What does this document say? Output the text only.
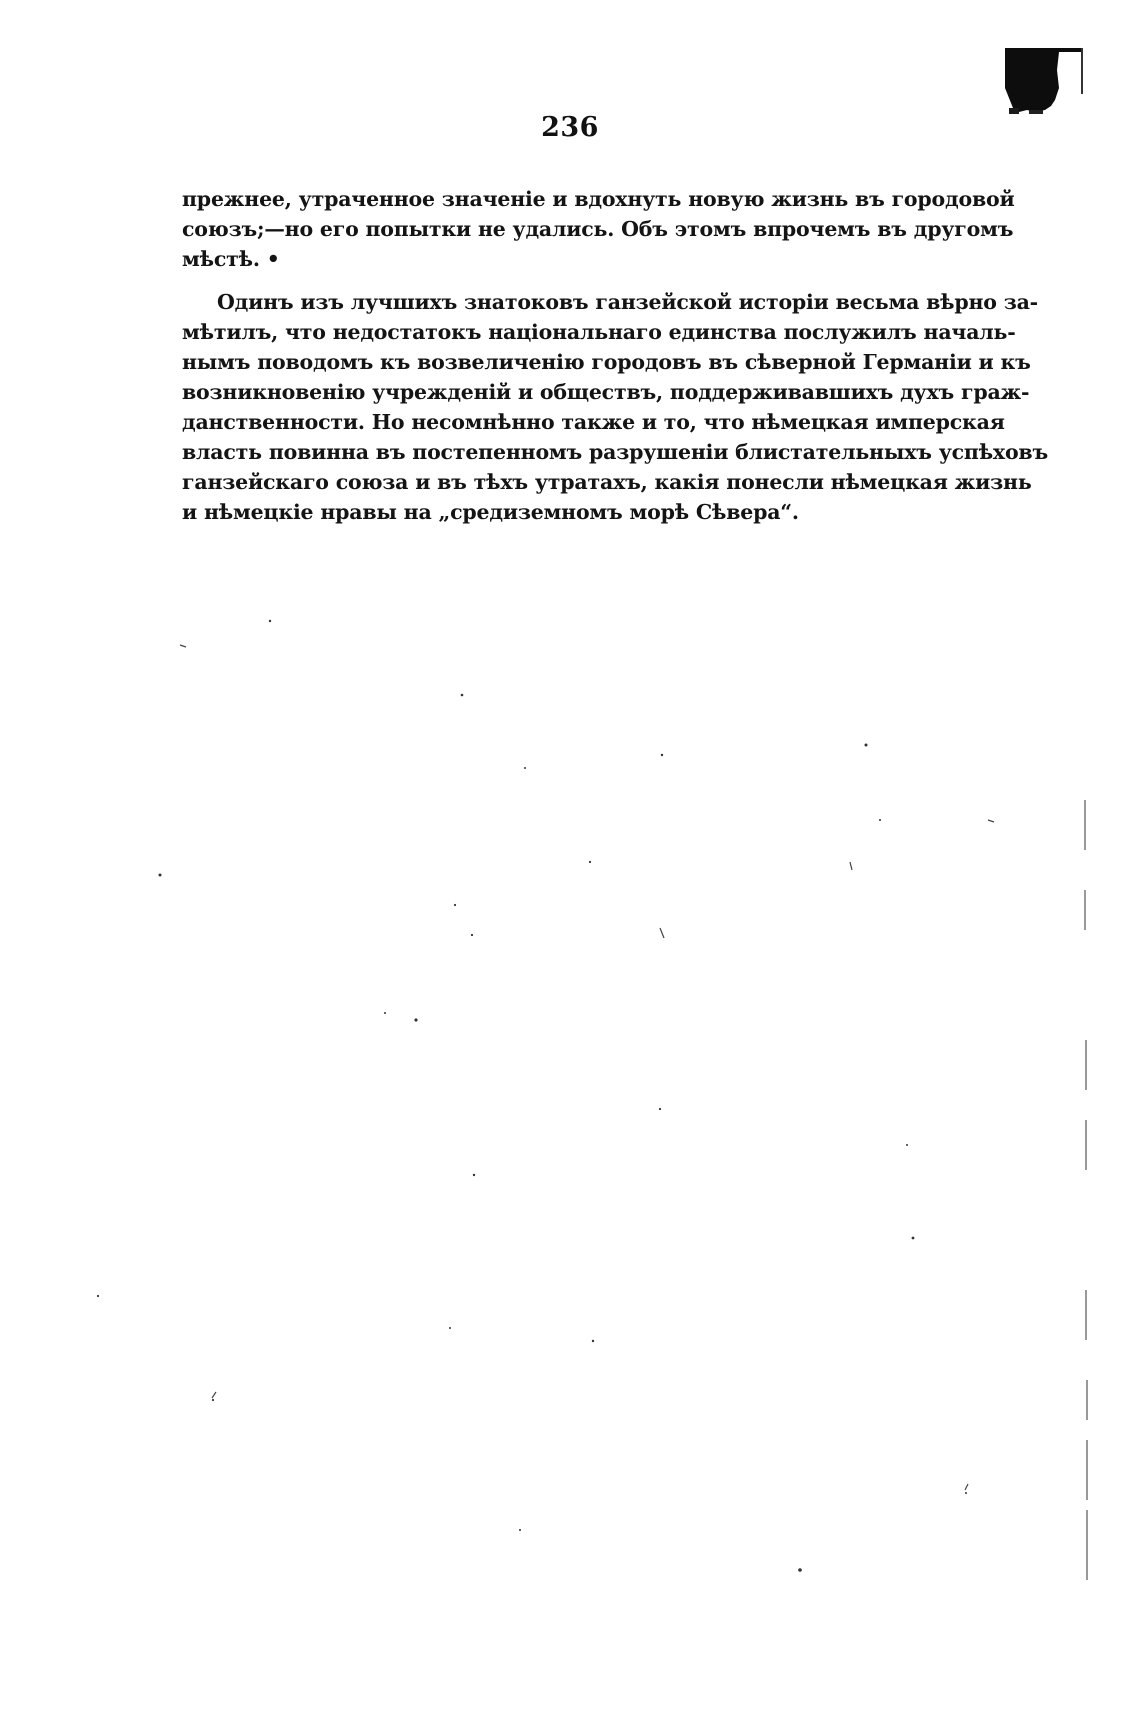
236
прежнее, утраченное значеніе и вдохнуть новую жизнь въ городовой
союзъ;—но его попытки не удались. Объ этомъ впрочемъ въ другомъ
мѣстѣ. •
Одинъ изъ лучшихъ знатоковъ ганзейской исторіи весьма вѣрно за-
мѣтилъ, что недостатокъ національнаго единства послужилъ началь-
нымъ поводомъ къ возвеличенію городовъ въ сѣверной Германіи и къ
возникновенію учрежденій и обществъ, поддерживавшихъ духъ граж-
данственности. Но несомнѣнно также и то, что нѣмецкая имперская
власть повинна въ постепенномъ разрушеніи блистательныхъ успѣховъ
ганзейскаго союза и въ тѣхъ утратахъ, какія понесли нѣмецкая жизнь
и нѣмецкіе нравы на „средиземномъ морѣ Сѣвера“.
